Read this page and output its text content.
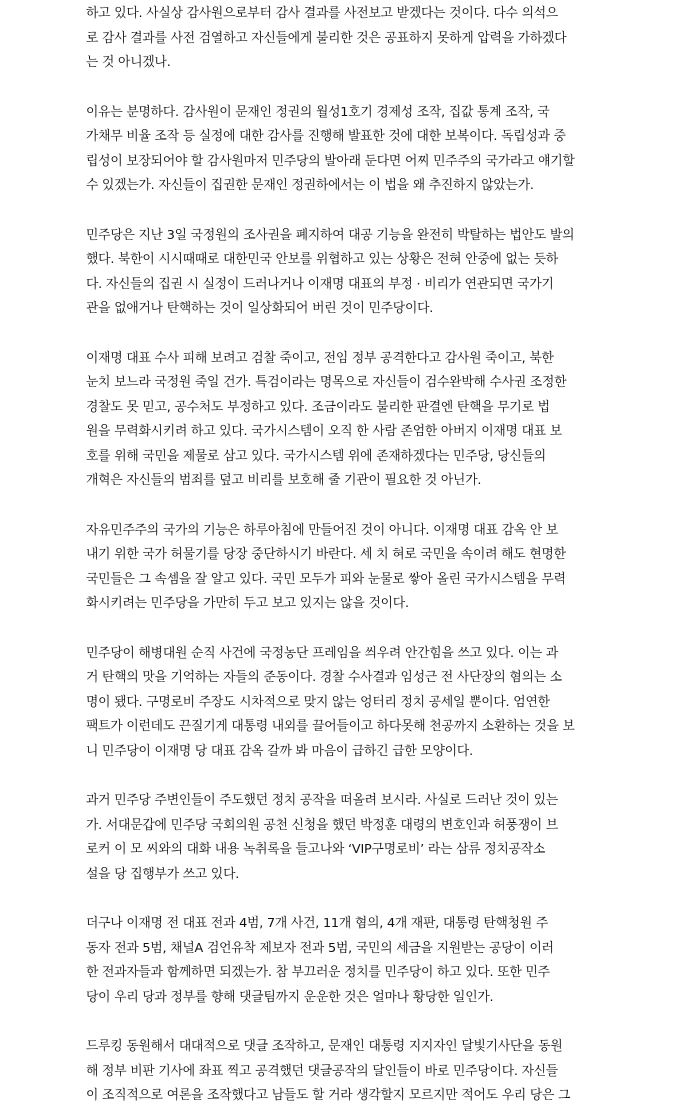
하고 있다. 사실상 감사원으로부터 감사 결과를 사전보고 받겠다는 것이다. 다수 의석으
로 감사 결과를 사전 검열하고 자신들에게 불리한 것은 공표하지 못하게 압력을 가하겠다
는 것 아니겠나.
이유는 분명하다. 감사원이 문재인 정권의 월성1호기 경제성 조작, 집값 통계 조작, 국
가채무 비율 조작 등 실정에 대한 감사를 진행해 발표한 것에 대한 보복이다. 독립성과 중
립성이 보장되어야 할 감사원마저 민주당의 발아래 둔다면 어찌 민주주의 국가라고 얘기할
수 있겠는가. 자신들이 집권한 문재인 정권하에서는 이 법을 왜 추진하지 않았는가.
민주당은 지난 3일 국정원의 조사권을 폐지하여 대공 기능을 완전히 박탈하는 법안도 발의
했다. 북한이 시시때때로 대한민국 안보를 위협하고 있는 상황은 전혀 안중에 없는 듯하
다. 자신들의 집권 시 실정이 드러나거나 이재명 대표의 부정 · 비리가 연관되면 국가기
관을 없애거나 탄핵하는 것이 일상화되어 버린 것이 민주당이다.
이재명 대표 수사 피해 보려고 검찰 죽이고, 전임 정부 공격한다고 감사원 죽이고, 북한
눈치 보느라 국정원 죽일 건가. 특검이라는 명목으로 자신들이 검수완박해 수사권 조정한
경찰도 못 믿고, 공수처도 부정하고 있다. 조금이라도 불리한 판결엔 탄핵을 무기로 법
원을 무력화시키려 하고 있다. 국가시스템이 오직 한 사람 존엄한 아버지 이재명 대표 보
호를 위해 국민을 제물로 삼고 있다. 국가시스템 위에 존재하겠다는 민주당, 당신들의
개혁은 자신들의 범죄를 덮고 비리를 보호해 줄 기관이 필요한 것 아닌가.
자유민주주의 국가의 기능은 하루아침에 만들어진 것이 아니다. 이재명 대표 감옥 안 보
내기 위한 국가 허물기를 당장 중단하시기 바란다. 세 치 혀로 국민을 속이려 해도 현명한
국민들은 그 속셈을 잘 알고 있다. 국민 모두가 피와 눈물로 쌓아 올린 국가시스템을 무력
화시키려는 민주당을 가만히 두고 보고 있지는 않을 것이다.
민주당이 해병대원 순직 사건에 국정농단 프레임을 씌우려 안간힘을 쓰고 있다. 이는 과
거 탄핵의 맛을 기억하는 자들의 준동이다. 경찰 수사결과 임성근 전 사단장의 혐의는 소
명이 됐다. 구명로비 주장도 시차적으로 맞지 않는 엉터리 정치 공세일 뿐이다. 엄연한
팩트가 이런데도 끈질기게 대통령 내외를 끌어들이고 하다못해 천공까지 소환하는 것을 보
니 민주당이 이재명 당 대표 감옥 갈까 봐 마음이 급하긴 급한 모양이다.
과거 민주당 주변인들이 주도했던 정치 공작을 떠올려 보시라. 사실로 드러난 것이 있는
가. 서대문갑에 민주당 국회의원 공천 신청을 했던 박정훈 대령의 변호인과 허풍쟁이 브
로커 이 모 씨와의 대화 내용 녹취록을 들고나와 ‘VIP구명로비’ 라는 삼류 정치공작소
설을 당 집행부가 쓰고 있다.
더구나 이재명 전 대표 전과 4범, 7개 사건, 11개 혐의, 4개 재판, 대통령 탄핵청원 주
동자 전과 5범, 채널A 검언유착 제보자 전과 5범, 국민의 세금을 지원받는 공당이 이러
한 전과자들과 함께하면 되겠는가. 참 부끄러운 정치를 민주당이 하고 있다. 또한 민주
당이 우리 당과 정부를 향해 댓글팀까지 운운한 것은 얼마나 황당한 일인가.
드루킹 동원해서 대대적으로 댓글 조작하고, 문재인 대통령 지지자인 달빛기사단을 동원
해 정부 비판 기사에 좌표 찍고 공격했던 댓글공작의 달인들이 바로 민주당이다. 자신들
이 조직적으로 여론을 조작했다고 남들도 할 거라 생각할지 모르지만 적어도 우리 당은 그
